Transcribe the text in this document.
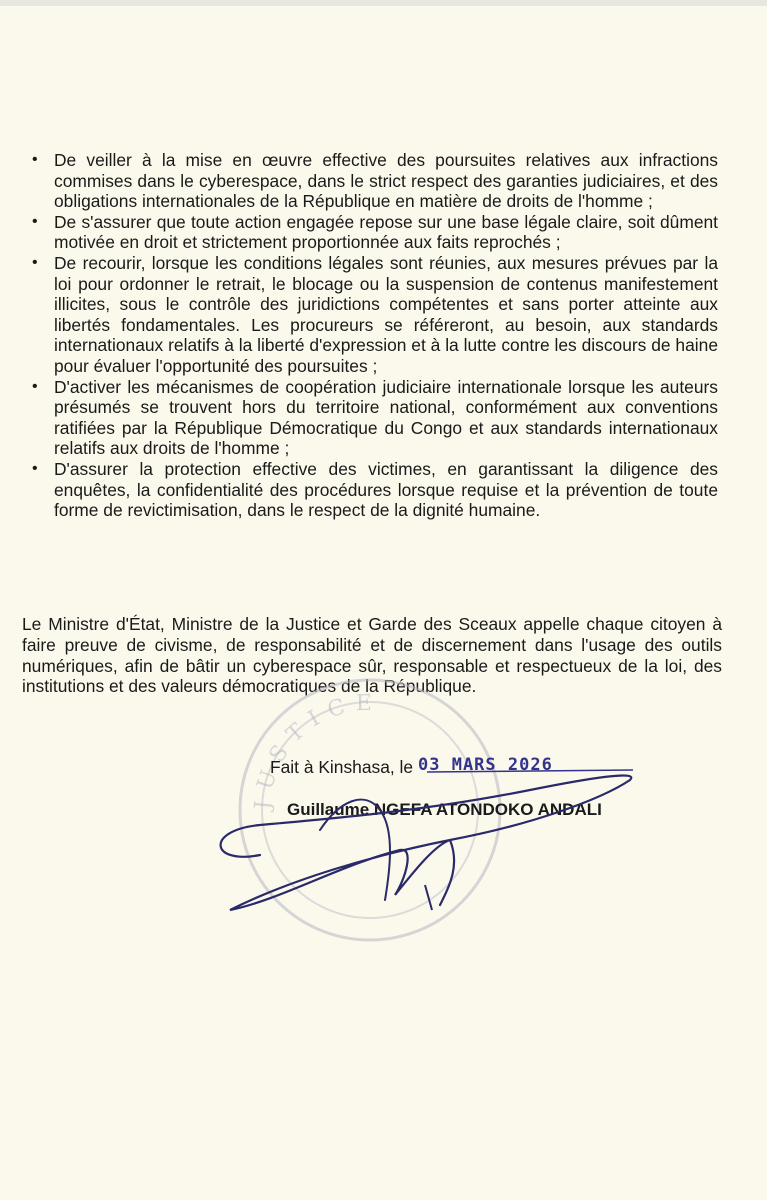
• De veiller à la mise en œuvre effective des poursuites relatives aux infractions commises dans le cyberespace, dans le strict respect des garanties judiciaires, et des obligations internationales de la République en matière de droits de l'homme ;
• De s'assurer que toute action engagée repose sur une base légale claire, soit dûment motivée en droit et strictement proportionnée aux faits reprochés ;
• De recourir, lorsque les conditions légales sont réunies, aux mesures prévues par la loi pour ordonner le retrait, le blocage ou la suspension de contenus manifestement illicites, sous le contrôle des juridictions compétentes et sans porter atteinte aux libertés fondamentales. Les procureurs se référeront, au besoin, aux standards internationaux relatifs à la liberté d'expression et à la lutte contre les discours de haine pour évaluer l'opportunité des poursuites ;
• D'activer les mécanismes de coopération judiciaire internationale lorsque les auteurs présumés se trouvent hors du territoire national, conformément aux conventions ratifiées par la République Démocratique du Congo et aux standards internationaux relatifs aux droits de l'homme ;
• D'assurer la protection effective des victimes, en garantissant la diligence des enquêtes, la confidentialité des procédures lorsque requise et la prévention de toute forme de revictimisation, dans le respect de la dignité humaine.

Le Ministre d'État, Ministre de la Justice et Garde des Sceaux appelle chaque citoyen à faire preuve de civisme, de responsabilité et de discernement dans l'usage des outils numériques, afin de bâtir un cyberespace sûr, responsable et respectueux de la loi, des institutions et des valeurs démocratiques de la République.

JUSTICE
Fait à Kinshasa, le 03 MARS 2026
Guillaume NGEFA ATONDOKO ANDALI
